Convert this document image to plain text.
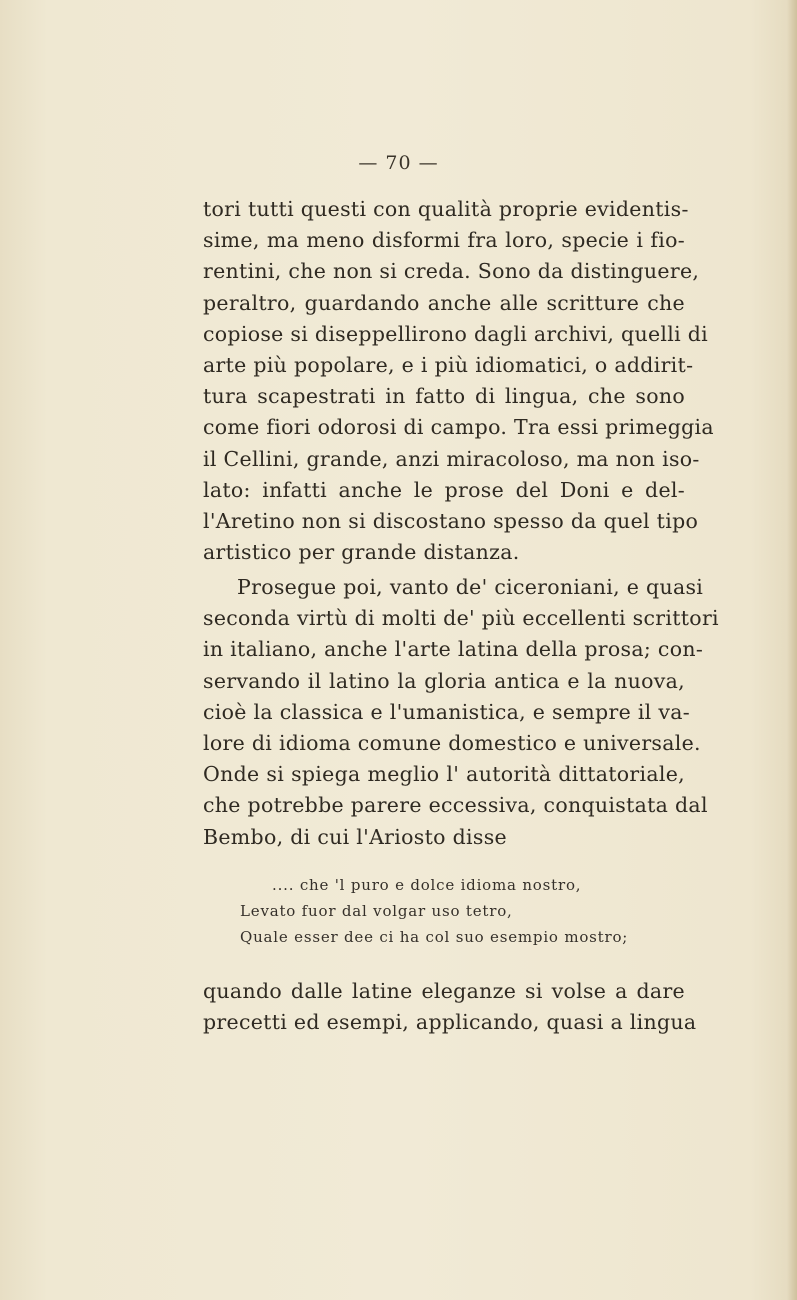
— 70 —
tori tutti questi con qualità proprie evidentis-
sime, ma meno disformi fra loro, specie i fio-
rentini, che non si creda. Sono da distinguere,
peraltro, guardando anche alle scritture che
copiose si diseppellirono dagli archivi, quelli di
arte più popolare, e i più idiomatici, o addirit-
tura scapestrati in fatto di lingua, che sono
come fiori odorosi di campo. Tra essi primeggia
il Cellini, grande, anzi miracoloso, ma non iso-
lato: infatti anche le prose del Doni e del-
l'Aretino non si discostano spesso da quel tipo
artistico per grande distanza.
Prosegue poi, vanto de' ciceroniani, e quasi
seconda virtù di molti de' più eccellenti scrittori
in italiano, anche l'arte latina della prosa; con-
servando il latino la gloria antica e la nuova,
cioè la classica e l'umanistica, e sempre il va-
lore di idioma comune domestico e universale.
Onde si spiega meglio l' autorità dittatoriale,
che potrebbe parere eccessiva, conquistata dal
Bembo, di cui l'Ariosto disse
.... che 'l puro e dolce idioma nostro,
Levato fuor dal volgar uso tetro,
Quale esser dee ci ha col suo esempio mostro;
quando dalle latine eleganze si volse a dare
precetti ed esempi, applicando, quasi a lingua
